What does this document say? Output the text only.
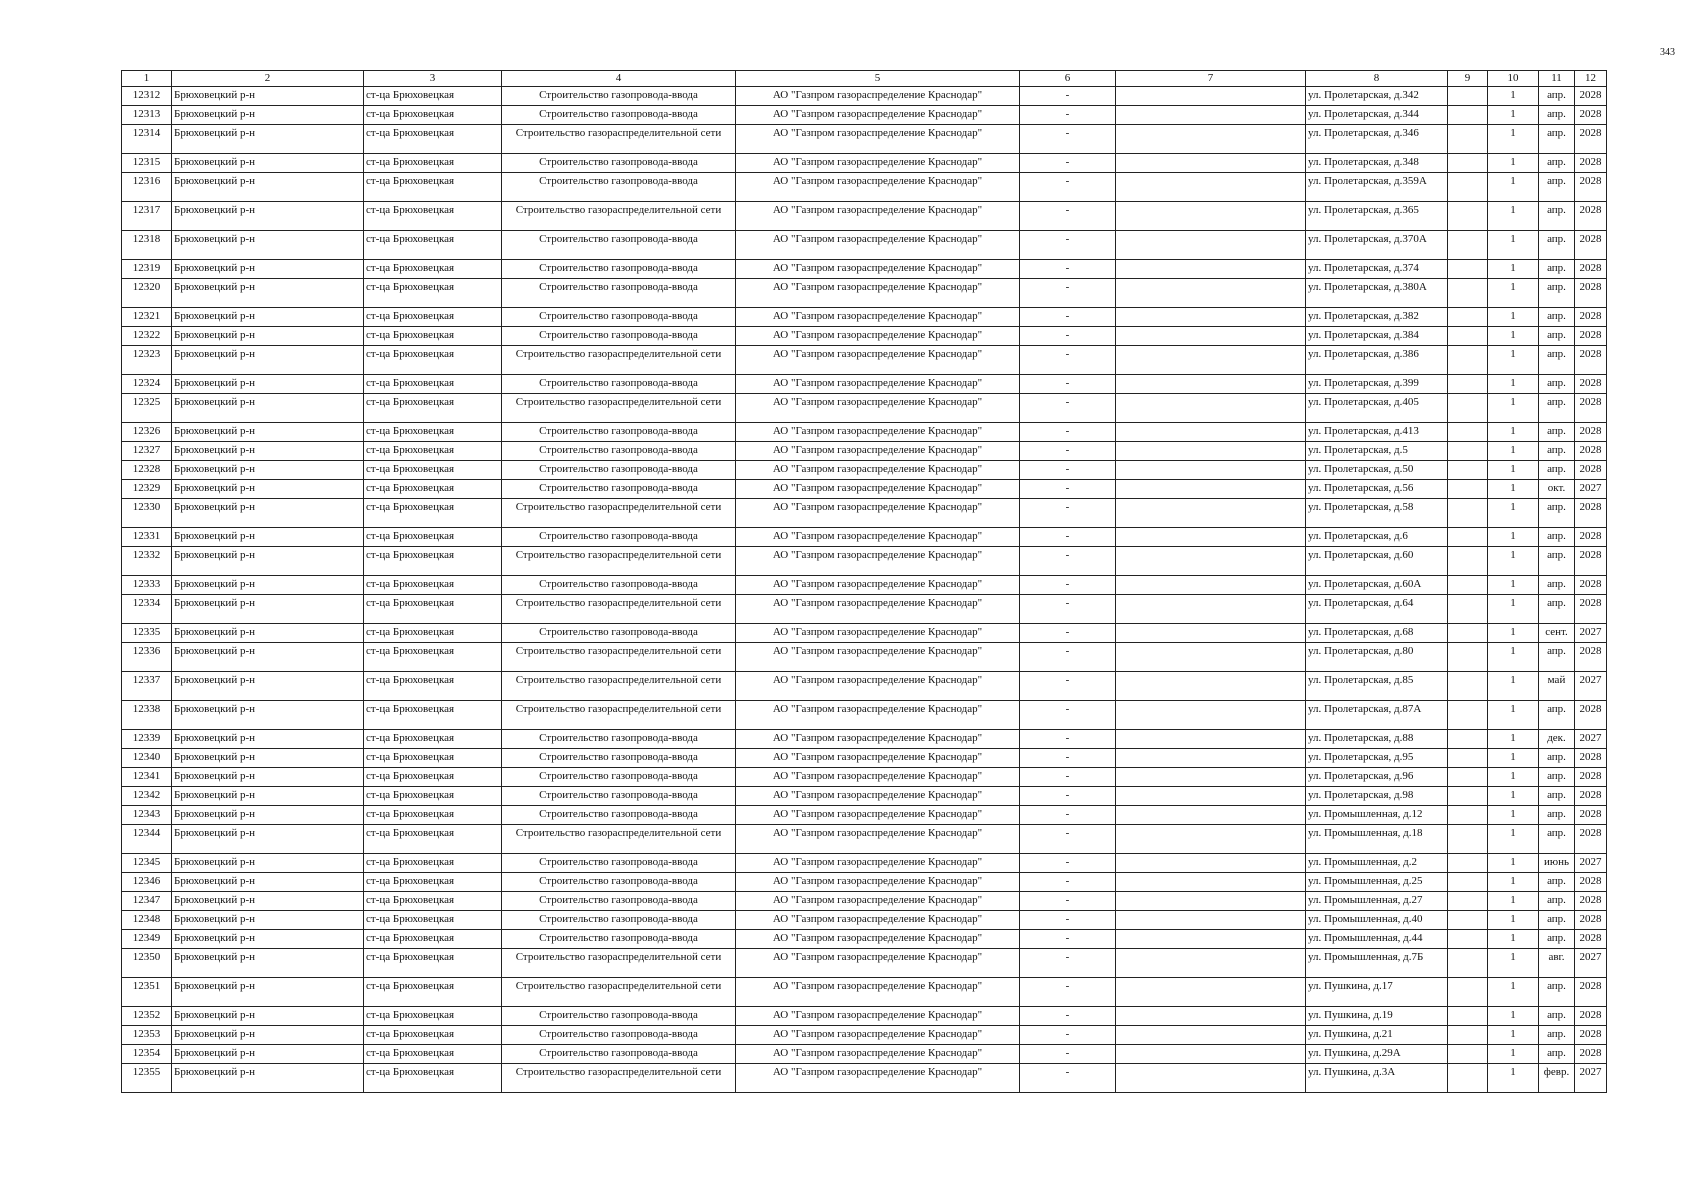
343
1	2	3	4	5	6	7	8	9	10	11	12
12312	Брюховецкий р-н	ст-ца Брюховецкая	Строительство газопровода-ввода	АО "Газпром газораспределение Краснодар"	-		ул. Пролетарская, д.342		1	апр.	2028
12313	Брюховецкий р-н	ст-ца Брюховецкая	Строительство газопровода-ввода	АО "Газпром газораспределение Краснодар"	-		ул. Пролетарская, д.344		1	апр.	2028
12314	Брюховецкий р-н	ст-ца Брюховецкая	Строительство газораспределительной сети	АО "Газпром газораспределение Краснодар"	-		ул. Пролетарская, д.346		1	апр.	2028
12315	Брюховецкий р-н	ст-ца Брюховецкая	Строительство газопровода-ввода	АО "Газпром газораспределение Краснодар"	-		ул. Пролетарская, д.348		1	апр.	2028
12316	Брюховецкий р-н	ст-ца Брюховецкая	Строительство газопровода-ввода	АО "Газпром газораспределение Краснодар"	-		ул. Пролетарская, д.359А		1	апр.	2028
12317	Брюховецкий р-н	ст-ца Брюховецкая	Строительство газораспределительной сети	АО "Газпром газораспределение Краснодар"	-		ул. Пролетарская, д.365		1	апр.	2028
12318	Брюховецкий р-н	ст-ца Брюховецкая	Строительство газопровода-ввода	АО "Газпром газораспределение Краснодар"	-		ул. Пролетарская, д.370А		1	апр.	2028
12319	Брюховецкий р-н	ст-ца Брюховецкая	Строительство газопровода-ввода	АО "Газпром газораспределение Краснодар"	-		ул. Пролетарская, д.374		1	апр.	2028
12320	Брюховецкий р-н	ст-ца Брюховецкая	Строительство газопровода-ввода	АО "Газпром газораспределение Краснодар"	-		ул. Пролетарская, д.380А		1	апр.	2028
12321	Брюховецкий р-н	ст-ца Брюховецкая	Строительство газопровода-ввода	АО "Газпром газораспределение Краснодар"	-		ул. Пролетарская, д.382		1	апр.	2028
12322	Брюховецкий р-н	ст-ца Брюховецкая	Строительство газопровода-ввода	АО "Газпром газораспределение Краснодар"	-		ул. Пролетарская, д.384		1	апр.	2028
12323	Брюховецкий р-н	ст-ца Брюховецкая	Строительство газораспределительной сети	АО "Газпром газораспределение Краснодар"	-		ул. Пролетарская, д.386		1	апр.	2028
12324	Брюховецкий р-н	ст-ца Брюховецкая	Строительство газопровода-ввода	АО "Газпром газораспределение Краснодар"	-		ул. Пролетарская, д.399		1	апр.	2028
12325	Брюховецкий р-н	ст-ца Брюховецкая	Строительство газораспределительной сети	АО "Газпром газораспределение Краснодар"	-		ул. Пролетарская, д.405		1	апр.	2028
12326	Брюховецкий р-н	ст-ца Брюховецкая	Строительство газопровода-ввода	АО "Газпром газораспределение Краснодар"	-		ул. Пролетарская, д.413		1	апр.	2028
12327	Брюховецкий р-н	ст-ца Брюховецкая	Строительство газопровода-ввода	АО "Газпром газораспределение Краснодар"	-		ул. Пролетарская, д.5		1	апр.	2028
12328	Брюховецкий р-н	ст-ца Брюховецкая	Строительство газопровода-ввода	АО "Газпром газораспределение Краснодар"	-		ул. Пролетарская, д.50		1	апр.	2028
12329	Брюховецкий р-н	ст-ца Брюховецкая	Строительство газопровода-ввода	АО "Газпром газораспределение Краснодар"	-		ул. Пролетарская, д.56		1	окт.	2027
12330	Брюховецкий р-н	ст-ца Брюховецкая	Строительство газораспределительной сети	АО "Газпром газораспределение Краснодар"	-		ул. Пролетарская, д.58		1	апр.	2028
12331	Брюховецкий р-н	ст-ца Брюховецкая	Строительство газопровода-ввода	АО "Газпром газораспределение Краснодар"	-		ул. Пролетарская, д.6		1	апр.	2028
12332	Брюховецкий р-н	ст-ца Брюховецкая	Строительство газораспределительной сети	АО "Газпром газораспределение Краснодар"	-		ул. Пролетарская, д.60		1	апр.	2028
12333	Брюховецкий р-н	ст-ца Брюховецкая	Строительство газопровода-ввода	АО "Газпром газораспределение Краснодар"	-		ул. Пролетарская, д.60А		1	апр.	2028
12334	Брюховецкий р-н	ст-ца Брюховецкая	Строительство газораспределительной сети	АО "Газпром газораспределение Краснодар"	-		ул. Пролетарская, д.64		1	апр.	2028
12335	Брюховецкий р-н	ст-ца Брюховецкая	Строительство газопровода-ввода	АО "Газпром газораспределение Краснодар"	-		ул. Пролетарская, д.68		1	сент.	2027
12336	Брюховецкий р-н	ст-ца Брюховецкая	Строительство газораспределительной сети	АО "Газпром газораспределение Краснодар"	-		ул. Пролетарская, д.80		1	апр.	2028
12337	Брюховецкий р-н	ст-ца Брюховецкая	Строительство газораспределительной сети	АО "Газпром газораспределение Краснодар"	-		ул. Пролетарская, д.85		1	май	2027
12338	Брюховецкий р-н	ст-ца Брюховецкая	Строительство газораспределительной сети	АО "Газпром газораспределение Краснодар"	-		ул. Пролетарская, д.87А		1	апр.	2028
12339	Брюховецкий р-н	ст-ца Брюховецкая	Строительство газопровода-ввода	АО "Газпром газораспределение Краснодар"	-		ул. Пролетарская, д.88		1	дек.	2027
12340	Брюховецкий р-н	ст-ца Брюховецкая	Строительство газопровода-ввода	АО "Газпром газораспределение Краснодар"	-		ул. Пролетарская, д.95		1	апр.	2028
12341	Брюховецкий р-н	ст-ца Брюховецкая	Строительство газопровода-ввода	АО "Газпром газораспределение Краснодар"	-		ул. Пролетарская, д.96		1	апр.	2028
12342	Брюховецкий р-н	ст-ца Брюховецкая	Строительство газопровода-ввода	АО "Газпром газораспределение Краснодар"	-		ул. Пролетарская, д.98		1	апр.	2028
12343	Брюховецкий р-н	ст-ца Брюховецкая	Строительство газопровода-ввода	АО "Газпром газораспределение Краснодар"	-		ул. Промышленная, д.12		1	апр.	2028
12344	Брюховецкий р-н	ст-ца Брюховецкая	Строительство газораспределительной сети	АО "Газпром газораспределение Краснодар"	-		ул. Промышленная, д.18		1	апр.	2028
12345	Брюховецкий р-н	ст-ца Брюховецкая	Строительство газопровода-ввода	АО "Газпром газораспределение Краснодар"	-		ул. Промышленная, д.2		1	июнь	2027
12346	Брюховецкий р-н	ст-ца Брюховецкая	Строительство газопровода-ввода	АО "Газпром газораспределение Краснодар"	-		ул. Промышленная, д.25		1	апр.	2028
12347	Брюховецкий р-н	ст-ца Брюховецкая	Строительство газопровода-ввода	АО "Газпром газораспределение Краснодар"	-		ул. Промышленная, д.27		1	апр.	2028
12348	Брюховецкий р-н	ст-ца Брюховецкая	Строительство газопровода-ввода	АО "Газпром газораспределение Краснодар"	-		ул. Промышленная, д.40		1	апр.	2028
12349	Брюховецкий р-н	ст-ца Брюховецкая	Строительство газопровода-ввода	АО "Газпром газораспределение Краснодар"	-		ул. Промышленная, д.44		1	апр.	2028
12350	Брюховецкий р-н	ст-ца Брюховецкая	Строительство газораспределительной сети	АО "Газпром газораспределение Краснодар"	-		ул. Промышленная, д.7Б		1	авг.	2027
12351	Брюховецкий р-н	ст-ца Брюховецкая	Строительство газораспределительной сети	АО "Газпром газораспределение Краснодар"	-		ул. Пушкина, д.17		1	апр.	2028
12352	Брюховецкий р-н	ст-ца Брюховецкая	Строительство газопровода-ввода	АО "Газпром газораспределение Краснодар"	-		ул. Пушкина, д.19		1	апр.	2028
12353	Брюховецкий р-н	ст-ца Брюховецкая	Строительство газопровода-ввода	АО "Газпром газораспределение Краснодар"	-		ул. Пушкина, д.21		1	апр.	2028
12354	Брюховецкий р-н	ст-ца Брюховецкая	Строительство газопровода-ввода	АО "Газпром газораспределение Краснодар"	-		ул. Пушкина, д.29А		1	апр.	2028
12355	Брюховецкий р-н	ст-ца Брюховецкая	Строительство газораспределительной сети	АО "Газпром газораспределение Краснодар"	-		ул. Пушкина, д.3А		1	февр.	2027
